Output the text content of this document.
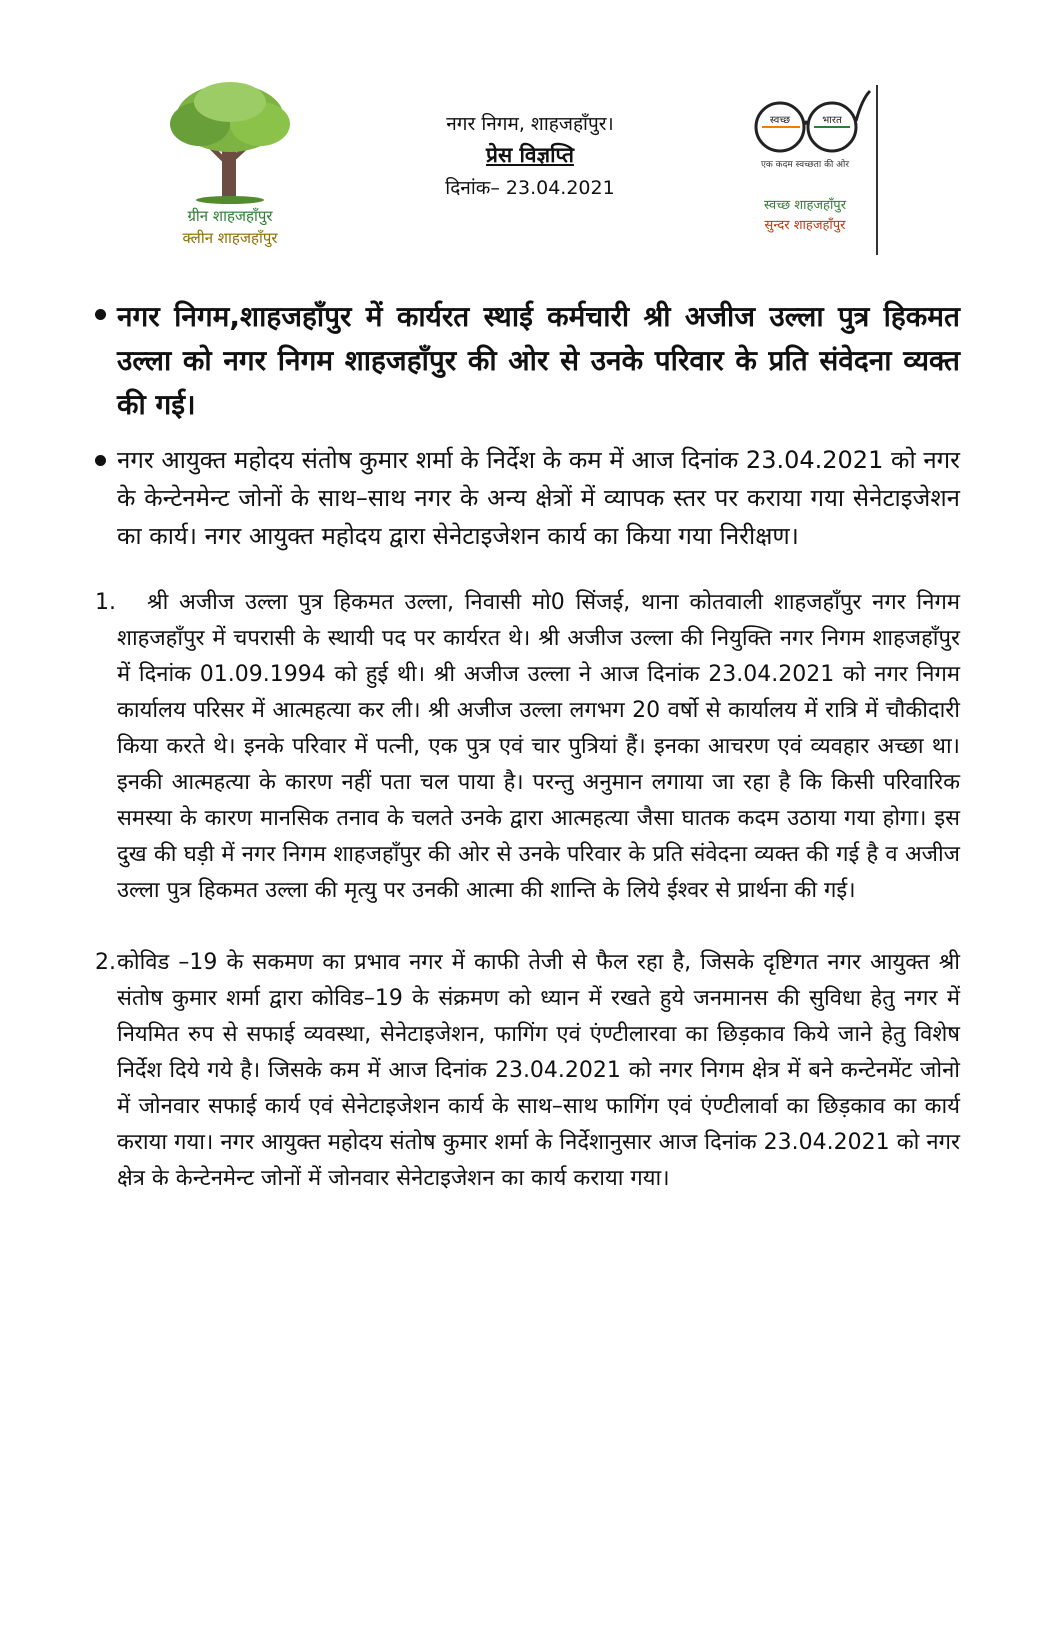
ग्रीन शाहजहाँपुर
क्लीन शाहजहाँपुर
नगर निगम, शाहजहाँपुर।
प्रेस विज्ञप्ति
दिनांक– 23.04.2021
स्वच्छ	भारत
एक कदम स्वच्छता की ओर
स्वच्छ शाहजहाँपुर
सुन्दर शाहजहाँपुर
नगर निगम,शाहजहाँपुर में कार्यरत स्थाई कर्मचारी श्री अजीज उल्ला पुत्र हिकमत उल्ला को नगर निगम शाहजहाँपुर की ओर से उनके परिवार के प्रति संवेदना व्यक्त की गई।
नगर आयुक्त महोदय संतोष कुमार शर्मा के निर्देश के कम में आज दिनांक 23.04.2021 को नगर के केन्टेनमेन्ट जोनों के साथ–साथ नगर के अन्य क्षेत्रों में व्यापक स्तर पर कराया गया सेनेटाइजेशन का कार्य। नगर आयुक्त महोदय द्वारा सेनेटाइजेशन कार्य का किया गया निरीक्षण।
1.	श्री अजीज उल्ला पुत्र हिकमत उल्ला, निवासी मो0 सिंजई, थाना कोतवाली शाहजहाँपुर नगर निगम शाहजहाँपुर में चपरासी के स्थायी पद पर कार्यरत थे। श्री अजीज उल्ला की नियुक्ति नगर निगम शाहजहाँपुर में दिनांक 01.09.1994 को हुई थी। श्री अजीज उल्ला ने आज दिनांक 23.04.2021 को नगर निगम कार्यालय परिसर में आत्महत्या कर ली। श्री अजीज उल्ला लगभग 20 वर्षो से कार्यालय में रात्रि में चौकीदारी किया करते थे। इनके परिवार में पत्नी, एक पुत्र एवं चार पुत्रियां हैं। इनका आचरण एवं व्यवहार अच्छा था। इनकी आत्महत्या के कारण नहीं पता चल पाया है। परन्तु अनुमान लगाया जा रहा है कि किसी परिवारिक समस्या के कारण मानसिक तनाव के चलते उनके द्वारा आत्महत्या जैसा घातक कदम उठाया गया होगा। इस दुख की घड़ी में नगर निगम शाहजहाँपुर की ओर से उनके परिवार के प्रति संवेदना व्यक्त की गई है व अजीज उल्ला पुत्र हिकमत उल्ला की मृत्यु पर उनकी आत्मा की शान्ति के लिये ईश्वर से प्रार्थना की गई।
2. कोविड –19 के सकमण का प्रभाव नगर में काफी तेजी से फैल रहा है, जिसके दृष्टिगत नगर आयुक्त श्री संतोष कुमार शर्मा द्वारा कोविड–19 के संक्रमण को ध्यान में रखते हुये जनमानस की सुविधा हेतु नगर में नियमित रुप से सफाई व्यवस्था, सेनेटाइजेशन, फागिंग एवं एंण्टीलारवा का छिड़काव किये जाने हेतु विशेष निर्देश दिये गये है। जिसके कम में आज दिनांक 23.04.2021 को नगर निगम क्षेत्र में बने कन्टेनमेंट जोनो में जोनवार सफाई कार्य एवं सेनेटाइजेशन कार्य के साथ–साथ फागिंग एवं एंण्टीलार्वा का छिड़काव का कार्य कराया गया। नगर आयुक्त महोदय संतोष कुमार शर्मा के निर्देशानुसार आज दिनांक 23.04.2021 को नगर क्षेत्र के केन्टेनमेन्ट जोनों में जोनवार सेनेटाइजेशन का कार्य कराया गया।
